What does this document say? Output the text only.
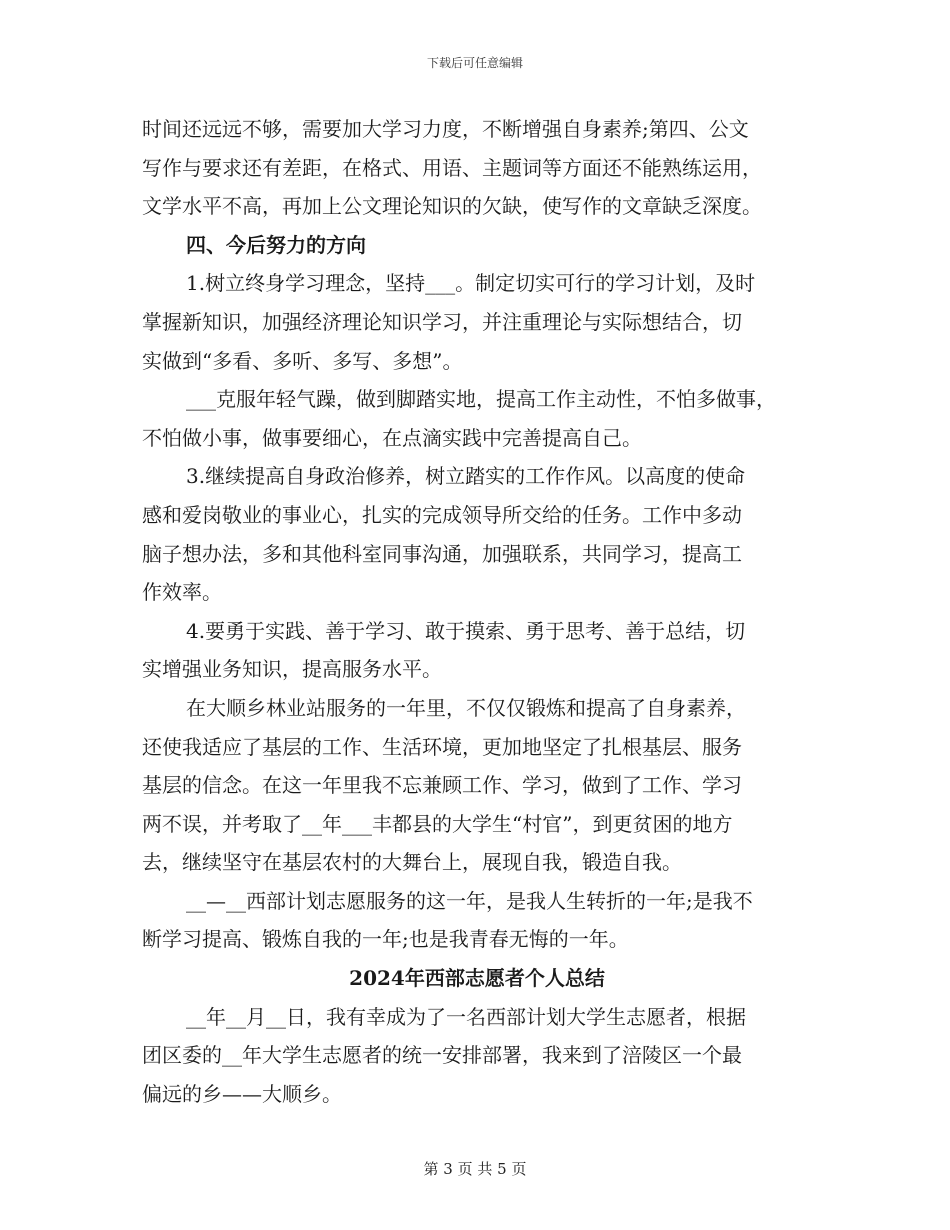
下载后可任意编辑
时间还远远不够，需要加大学习力度，不断增强自身素养;第四、公文
写作与要求还有差距，在格式、用语、主题词等方面还不能熟练运用，
文学水平不高，再加上公文理论知识的欠缺，使写作的文章缺乏深度。
四、今后努力的方向
1.树立终身学习理念，坚持___。制定切实可行的学习计划，及时
掌握新知识，加强经济理论知识学习，并注重理论与实际想结合，切
实做到“多看、多听、多写、多想”。
___克服年轻气躁，做到脚踏实地，提高工作主动性，不怕多做事，
不怕做小事，做事要细心，在点滴实践中完善提高自己。
3.继续提高自身政治修养，树立踏实的工作作风。以高度的使命
感和爱岗敬业的事业心，扎实的完成领导所交给的任务。工作中多动
脑子想办法，多和其他科室同事沟通，加强联系，共同学习，提高工
作效率。
4.要勇于实践、善于学习、敢于摸索、勇于思考、善于总结，切
实增强业务知识，提高服务水平。
在大顺乡林业站服务的一年里，不仅仅锻炼和提高了自身素养，
还使我适应了基层的工作、生活环境，更加地坚定了扎根基层、服务
基层的信念。在这一年里我不忘兼顾工作、学习，做到了工作、学习
两不误，并考取了__年___丰都县的大学生“村官”，到更贫困的地方
去，继续坚守在基层农村的大舞台上，展现自我，锻造自我。
__—__西部计划志愿服务的这一年，是我人生转折的一年;是我不
断学习提高、锻炼自我的一年;也是我青春无悔的一年。
2024年西部志愿者个人总结
__年__月__日，我有幸成为了一名西部计划大学生志愿者，根据
团区委的__年大学生志愿者的统一安排部署，我来到了涪陵区一个最
偏远的乡——大顺乡。
第 3 页 共 5 页
